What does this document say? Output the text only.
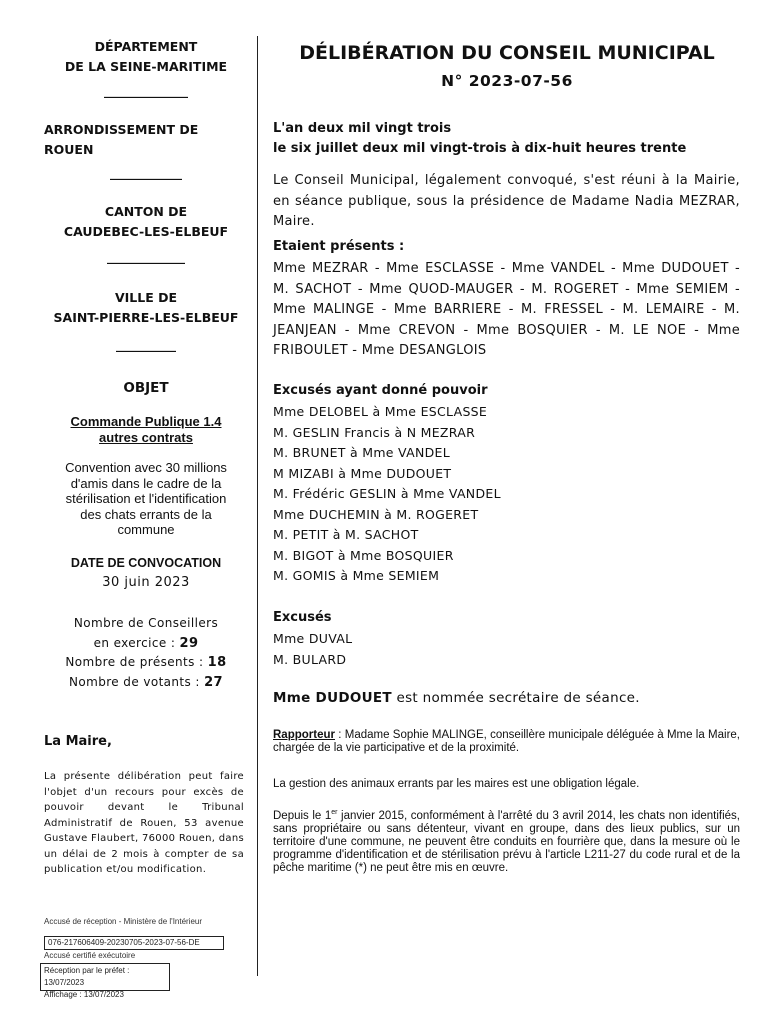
DÉPARTEMENT
DE LA SEINE-MARITIME
______________
ARRONDISSEMENT DE
ROUEN
____________
CANTON DE
CAUDEBEC-LES-ELBEUF
_____________
VILLE DE
SAINT-PIERRE-LES-ELBEUF
__________
OBJET
Commande Publique 1.4
autres contrats
Convention avec 30 millions
d'amis dans le cadre de la
stérilisation et l'identification
des chats errants de la
commune
DATE DE CONVOCATION
30 juin 2023
Nombre de Conseillers
en exercice : 29
Nombre de présents : 18
Nombre de votants : 27
La Maire,
La présente délibération peut faire l'objet d'un recours pour excès de pouvoir devant le Tribunal Administratif de Rouen, 53 avenue Gustave Flaubert, 76000 Rouen, dans un délai de 2 mois à compter de sa publication et/ou modification.
Accusé de réception - Ministère de l'Intérieur
076-217606409-20230705-2023-07-56-DE
Accusé certifié exécutoire
Réception par le préfet : 13/07/2023
Affichage : 13/07/2023
DÉLIBÉRATION DU CONSEIL MUNICIPAL
N° 2023-07-56
L'an deux mil vingt trois
le six juillet deux mil vingt-trois à dix-huit heures trente
Le Conseil Municipal, légalement convoqué, s'est réuni à la Mairie, en séance publique, sous la présidence de Madame Nadia MEZRAR, Maire.
Etaient présents :
Mme MEZRAR - Mme ESCLASSE - Mme VANDEL - Mme DUDOUET - M. SACHOT - Mme QUOD-MAUGER - M. ROGERET - Mme SEMIEM - Mme MALINGE - Mme BARRIERE - M. FRESSEL - M. LEMAIRE - M. JEANJEAN - Mme CREVON - Mme BOSQUIER - M. LE NOE - Mme FRIBOULET - Mme DESANGLOIS
Excusés ayant donné pouvoir
Mme DELOBEL à Mme ESCLASSE
M. GESLIN Francis à N MEZRAR
M. BRUNET à Mme VANDEL
M MIZABI à Mme DUDOUET
M. Frédéric GESLIN à Mme VANDEL
Mme DUCHEMIN à M. ROGERET
M. PETIT à M. SACHOT
M. BIGOT à Mme BOSQUIER
M. GOMIS à Mme SEMIEM
Excusés
Mme DUVAL
M. BULARD
Mme DUDOUET est nommée secrétaire de séance.
Rapporteur : Madame Sophie MALINGE, conseillère municipale déléguée à Mme la Maire, chargée de la vie participative et de la proximité.
La gestion des animaux errants par les maires est une obligation légale.
Depuis le 1er janvier 2015, conformément à l'arrêté du 3 avril 2014, les chats non identifiés, sans propriétaire ou sans détenteur, vivant en groupe, dans des lieux publics, sur un territoire d'une commune, ne peuvent être conduits en fourrière que, dans la mesure où le programme d'identification et de stérilisation prévu à l'article L211-27 du code rural et de la pêche maritime (*) ne peut être mis en œuvre.
